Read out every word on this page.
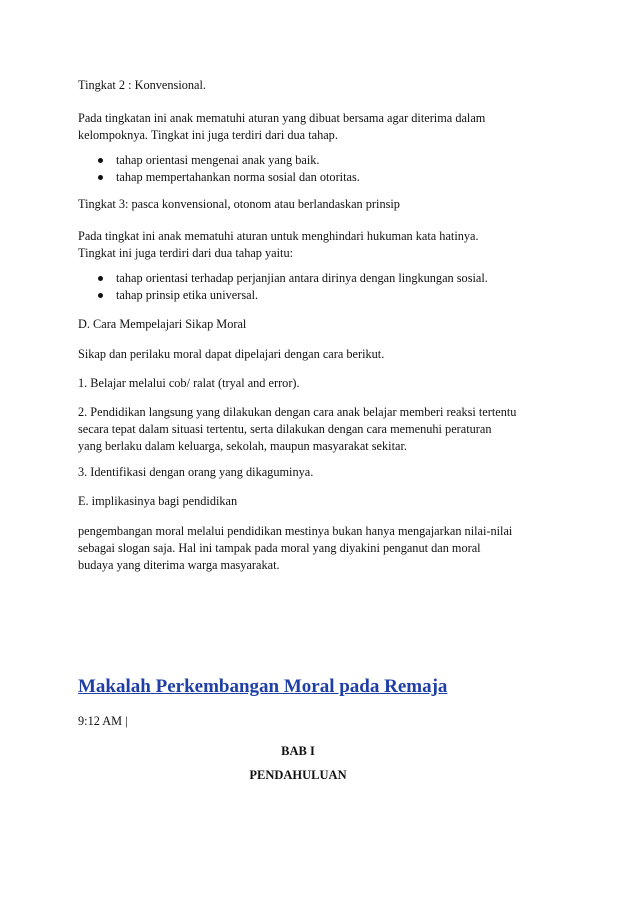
Tingkat 2 : Konvensional.

Pada tingkatan ini anak mematuhi aturan yang dibuat bersama agar diterima dalam kelompoknya. Tingkat ini juga terdiri dari dua tahap.

tahap orientasi mengenai anak yang baik.
tahap mempertahankan norma sosial dan otoritas.

Tingkat 3: pasca konvensional, otonom atau berlandaskan prinsip

Pada tingkat ini anak mematuhi aturan untuk menghindari hukuman kata hatinya. Tingkat ini juga terdiri dari dua tahap yaitu:

tahap orientasi terhadap perjanjian antara dirinya dengan lingkungan sosial.
tahap prinsip etika universal.

D. Cara Mempelajari Sikap Moral

Sikap dan perilaku moral dapat dipelajari dengan cara berikut.

1. Belajar melalui cob/ ralat (tryal and error).

2. Pendidikan langsung yang dilakukan dengan cara anak belajar memberi reaksi tertentu secara tepat dalam situasi tertentu, serta dilakukan dengan cara memenuhi peraturan yang berlaku dalam keluarga, sekolah, maupun masyarakat sekitar.

3. Identifikasi dengan orang yang dikaguminya.

E. implikasinya bagi pendidikan

pengembangan moral melalui pendidikan mestinya bukan hanya mengajarkan nilai-nilai sebagai slogan saja. Hal ini tampak pada moral yang diyakini penganut dan moral budaya yang diterima warga masyarakat.

Makalah Perkembangan Moral pada Remaja

9:12 AM |

BAB I
PENDAHULUAN
